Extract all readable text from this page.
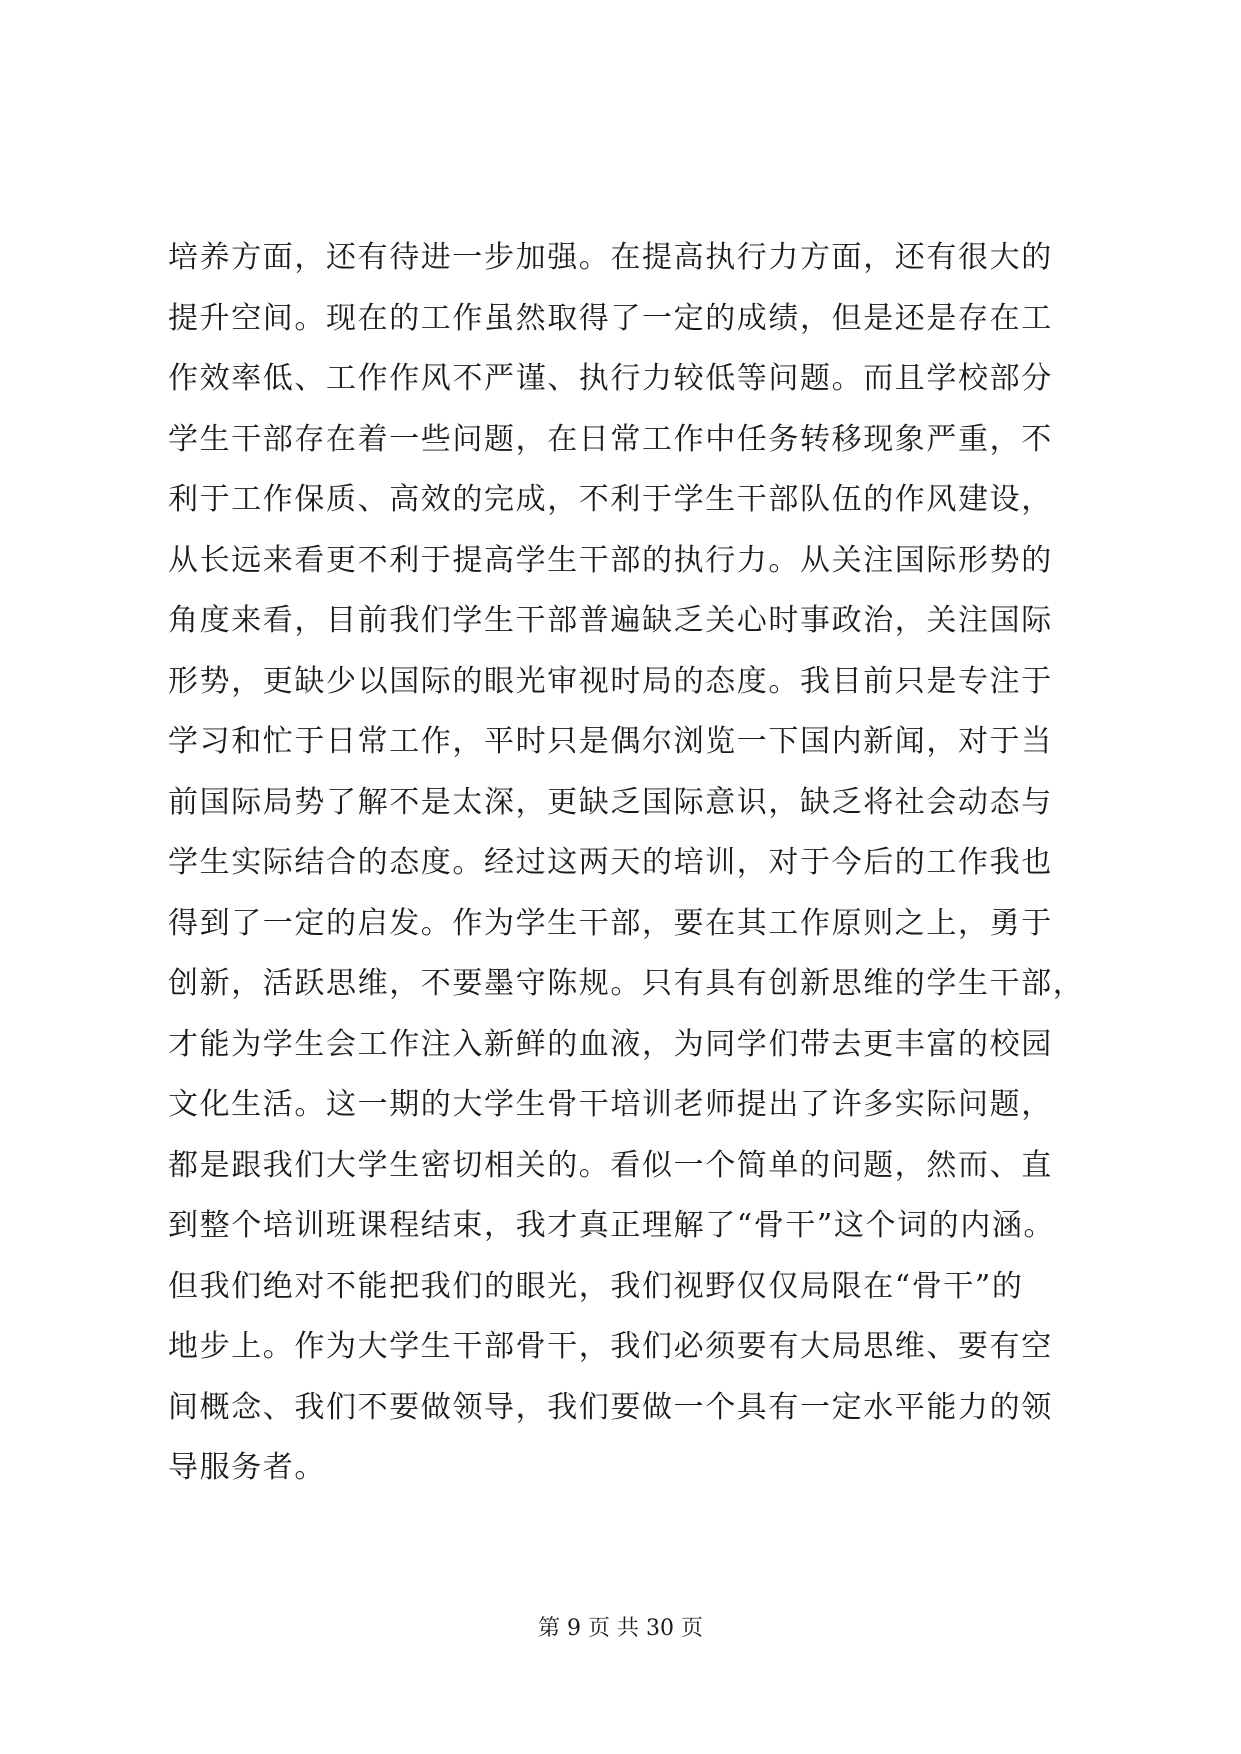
培养方面，还有待进一步加强。在提高执行力方面，还有很大的
提升空间。现在的工作虽然取得了一定的成绩，但是还是存在工
作效率低、工作作风不严谨、执行力较低等问题。而且学校部分
学生干部存在着一些问题，在日常工作中任务转移现象严重，不
利于工作保质、高效的完成，不利于学生干部队伍的作风建设，
从长远来看更不利于提高学生干部的执行力。从关注国际形势的
角度来看，目前我们学生干部普遍缺乏关心时事政治，关注国际
形势，更缺少以国际的眼光审视时局的态度。我目前只是专注于
学习和忙于日常工作，平时只是偶尔浏览一下国内新闻，对于当
前国际局势了解不是太深，更缺乏国际意识，缺乏将社会动态与
学生实际结合的态度。经过这两天的培训，对于今后的工作我也
得到了一定的启发。作为学生干部，要在其工作原则之上，勇于
创新，活跃思维，不要墨守陈规。只有具有创新思维的学生干部，
才能为学生会工作注入新鲜的血液，为同学们带去更丰富的校园
文化生活。这一期的大学生骨干培训老师提出了许多实际问题，
都是跟我们大学生密切相关的。看似一个简单的问题，然而、直
到整个培训班课程结束，我才真正理解了“骨干”这个词的内涵。
但我们绝对不能把我们的眼光，我们视野仅仅局限在“骨干”的
地步上。作为大学生干部骨干，我们必须要有大局思维、要有空
间概念、我们不要做领导，我们要做一个具有一定水平能力的领
导服务者。
第 9 页 共 30 页
